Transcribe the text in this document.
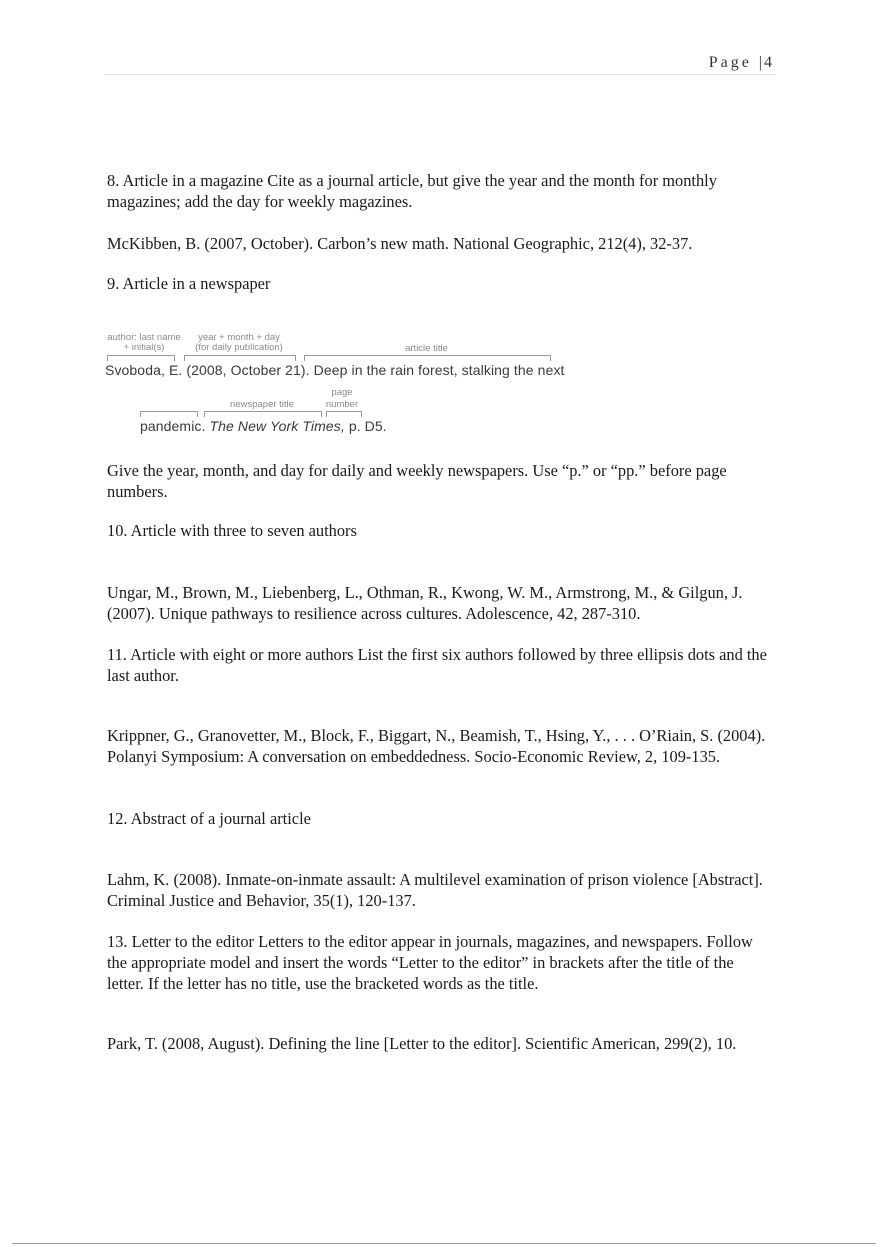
Page | 4

8. Article in a magazine Cite as a journal article, but give the year and the month for monthly magazines; add the day for weekly magazines.

McKibben, B. (2007, October). Carbon’s new math. National Geographic, 212(4), 32-37.

9. Article in a newspaper

author: last name
+ initial(s)
year + month + day
(for daily publication)	article title
Svoboda, E. (2008, October 21). Deep in the rain forest, stalking the next
newspaper title
page
number
pandemic. The New York Times, p. D5.

Give the year, month, and day for daily and weekly newspapers. Use “p.” or “pp.” before page numbers.

10. Article with three to seven authors

Ungar, M., Brown, M., Liebenberg, L., Othman, R., Kwong, W. M., Armstrong, M., & Gilgun, J. (2007). Unique pathways to resilience across cultures. Adolescence, 42, 287-310.

11. Article with eight or more authors List the first six authors followed by three ellipsis dots and the last author.

Krippner, G., Granovetter, M., Block, F., Biggart, N., Beamish, T., Hsing, Y., . . . O’Riain, S. (2004). Polanyi Symposium: A conversation on embeddedness. Socio-Economic Review, 2, 109-135.

12. Abstract of a journal article

Lahm, K. (2008). Inmate-on-inmate assault: A multilevel examination of prison violence [Abstract]. Criminal Justice and Behavior, 35(1), 120-137.

13. Letter to the editor Letters to the editor appear in journals, magazines, and newspapers. Follow the appropriate model and insert the words “Letter to the editor” in brackets after the title of the letter. If the letter has no title, use the bracketed words as the title.

Park, T. (2008, August). Defining the line [Letter to the editor]. Scientific American, 299(2), 10.
